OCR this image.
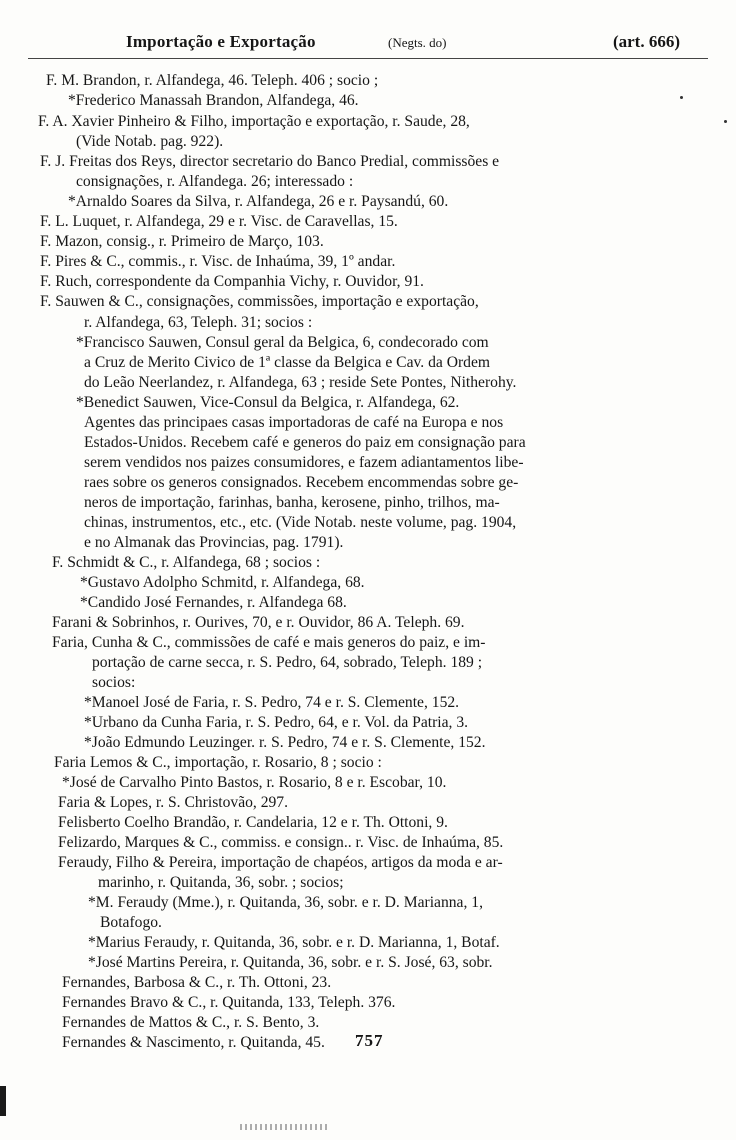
Importação e Exportação	(Negts. do)	(art. 666)
F. M. Brandon, r. Alfandega, 46. Teleph. 406 ; socio ;
*Frederico Manassah Brandon, Alfandega, 46.
F. A. Xavier Pinheiro & Filho, importação e exportação, r. Saude, 28,
(Vide Notab. pag. 922).
F. J. Freitas dos Reys, director secretario do Banco Predial, commissões e
consignações, r. Alfandega. 26; interessado :
*Arnaldo Soares da Silva, r. Alfandega, 26 e r. Paysandú, 60.
F. L. Luquet, r. Alfandega, 29 e r. Visc. de Caravellas, 15.
F. Mazon, consig., r. Primeiro de Março, 103.
F. Pires & C., commis., r. Visc. de Inhaúma, 39, 1º andar.
F. Ruch, correspondente da Companhia Vichy, r. Ouvidor, 91.
F. Sauwen & C., consignações, commissões, importação e exportação,
r. Alfandega, 63, Teleph. 31; socios :
*Francisco Sauwen, Consul geral da Belgica, 6, condecorado com
a Cruz de Merito Civico de 1ª classe da Belgica e Cav. da Ordem
do Leão Neerlandez, r. Alfandega, 63 ; reside Sete Pontes, Nitherohy.
*Benedict Sauwen, Vice-Consul da Belgica, r. Alfandega, 62.
Agentes das principaes casas importadoras de café na Europa e nos
Estados-Unidos. Recebem café e generos do paiz em consignação para
serem vendidos nos paizes consumidores, e fazem adiantamentos libe-
raes sobre os generos consignados. Recebem encommendas sobre ge-
neros de importação, farinhas, banha, kerosene, pinho, trilhos, ma-
chinas, instrumentos, etc., etc. (Vide Notab. neste volume, pag. 1904,
e no Almanak das Provincias, pag. 1791).
F. Schmidt & C., r. Alfandega, 68 ; socios :
*Gustavo Adolpho Schmitd, r. Alfandega, 68.
*Candido José Fernandes, r. Alfandega 68.
Farani & Sobrinhos, r. Ourives, 70, e r. Ouvidor, 86 A. Teleph. 69.
Faria, Cunha & C., commissões de café e mais generos do paiz, e im-
portação de carne secca, r. S. Pedro, 64, sobrado, Teleph. 189 ;
socios:
*Manoel José de Faria, r. S. Pedro, 74 e r. S. Clemente, 152.
*Urbano da Cunha Faria, r. S. Pedro, 64, e r. Vol. da Patria, 3.
*João Edmundo Leuzinger. r. S. Pedro, 74 e r. S. Clemente, 152.
Faria Lemos & C., importação, r. Rosario, 8 ; socio :
*José de Carvalho Pinto Bastos, r. Rosario, 8 e r. Escobar, 10.
Faria & Lopes, r. S. Christovão, 297.
Felisberto Coelho Brandão, r. Candelaria, 12 e r. Th. Ottoni, 9.
Felizardo, Marques & C., commiss. e consign.. r. Visc. de Inhaúma, 85.
Feraudy, Filho & Pereira, importação de chapéos, artigos da moda e ar-
marinho, r. Quitanda, 36, sobr. ; socios;
*M. Feraudy (Mme.), r. Quitanda, 36, sobr. e r. D. Marianna, 1,
Botafogo.
*Marius Feraudy, r. Quitanda, 36, sobr. e r. D. Marianna, 1, Botaf.
*José Martins Pereira, r. Quitanda, 36, sobr. e r. S. José, 63, sobr.
Fernandes, Barbosa & C., r. Th. Ottoni, 23.
Fernandes Bravo & C., r. Quitanda, 133, Teleph. 376.
Fernandes de Mattos & C., r. S. Bento, 3.
Fernandes & Nascimento, r. Quitanda, 45.	757
